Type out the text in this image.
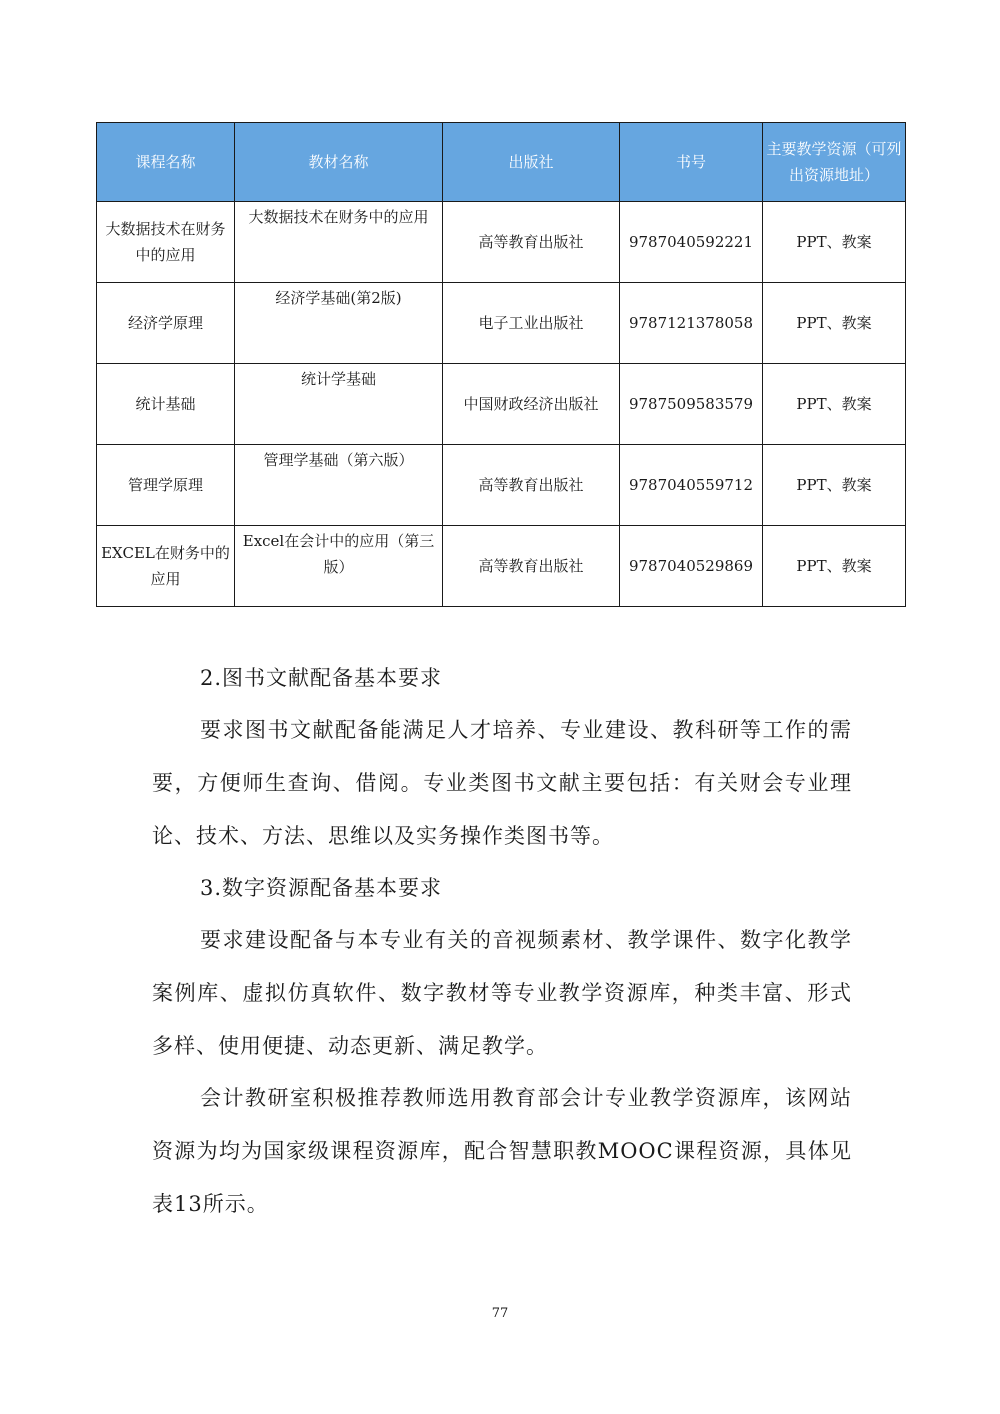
课程名称	教材名称	出版社	书号	主要教学资源（可列出资源地址）
大数据技术在财务中的应用	大数据技术在财务中的应用	高等教育出版社	9787040592221	PPT、教案
经济学原理	经济学基础(第2版)	电子工业出版社	9787121378058	PPT、教案
统计基础	统计学基础	中国财政经济出版社	9787509583579	PPT、教案
管理学原理	管理学基础（第六版）	高等教育出版社	9787040559712	PPT、教案
EXCEL在财务中的应用	Excel在会计中的应用（第三版）	高等教育出版社	9787040529869	PPT、教案
2.图书文献配备基本要求
要求图书文献配备能满足人才培养、专业建设、教科研等工作的需要，方便师生查询、借阅。专业类图书文献主要包括：有关财会专业理论、技术、方法、思维以及实务操作类图书等。
3.数字资源配备基本要求
要求建设配备与本专业有关的音视频素材、教学课件、数字化教学案例库、虚拟仿真软件、数字教材等专业教学资源库，种类丰富、形式多样、使用便捷、动态更新、满足教学。
会计教研室积极推荐教师选用教育部会计专业教学资源库，该网站资源为均为国家级课程资源库，配合智慧职教MOOC课程资源，具体见表13所示。
77
